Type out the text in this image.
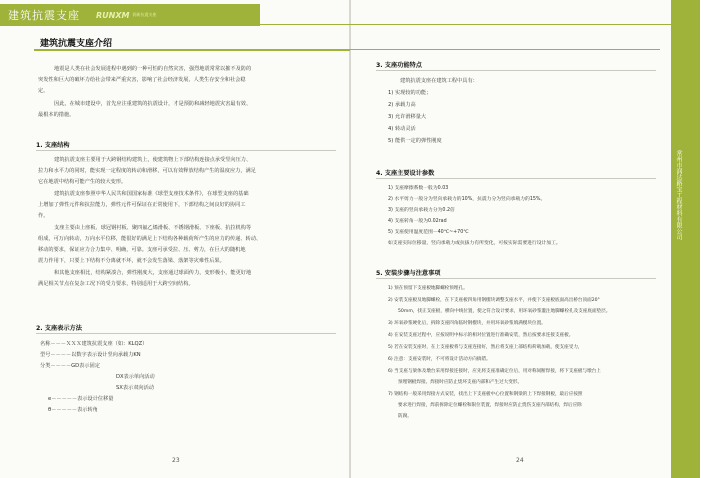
建筑抗震支座 RUNXM 润新抗震支座
建筑抗震支座介绍
地震是人类在社会发展进程中遇到的一种可怕的自然灾害，强烈地震常常以摧不及防的
突发性和巨大的破坏力给社会带来严重灾害，影响了社会经济发展、人类生存安全和社会稳
定。
因此，在城市建设中，首先应注重建筑的抗震设计，才是预防和减轻地震灾害最有效、
最根本的措施。
1. 支座结构
建筑抗震支座主要用于大跨钢结构建筑上，使建筑物上下部结构连接点承受竖向压力、
拉力和水平力的同时，能实现一定程度的转动和滑移，可以有效释放结构产生的温度应力，满足
它在地震中结构可能产生的较大变形。
建筑抗震支座参照中华人民共和国国家标准《球型支座技术条件》，在球型支座的基础
上增加了弹性元件和抗拉能力，弹性元件可保证在正常使用下，下部结构之间良好的协同工
作。
支座主要由上座板、球冠钢衬板、聚四氟乙烯滑板、不锈钢滑板、下座板、抗拉机构等
组成，可万向转动，万向水平位移，能很好的满足上下结构各种载荷所产生的应力的传递、转动、
移动的要求，保证应力合力集中、明确，可靠。支座可承受拉、压、剪力，在巨大的随机地
震力作用下，只要上下结构不分离就不坏，就不会发生落梁、落架等灾难性后果。
和其他支座相比，结构紧凑合，弹性刚度大，支座通过球面传力，变形极小，能更好地
满足相关节点在复杂工况下的受力要求，特别适用于大跨空间结构。
2. 支座表示方法
名称－－－ＸＸＸ建筑抗震支座（如：KLQZ）
型号－－－－以数字表示设计竖向承载力KN
分类－－－－GD表示固定
DX表示单向活动
SX表示双向活动
e－－－－－表示设计位移量
θ－－－－－表示转角
23
3. 支座功能特点
建筑抗震支座在建筑工程中具有：
1) 实现较的功能；
2) 承载力高
3) 允许滑移量大
4) 转动灵活
5) 能供一定的弹性刚度
4. 支座主要设计参数
1) 支座摩擦系数一般为0.03
2) 水平剪力一般分为竖向承载力的10%，抗震力分为竖向承载力的15%。
3) 支座的竖向承载力分为0.2倍
4) 支座转角一般为0.02rad
5) 支座使用温度范围－40℃~+70℃
如支座实际位移量，竖向承载力或抗拔力有所变化，可按实际需要进行设计加工。
5. 安装步骤与注意事项
1) 预在预留下支座板地脚螺栓预埋孔。
2) 安装支座板及地脚螺栓，在下支座板四角用钢楔块调整支座水平，并使下支座板底面高出桥台顶面20°
50mm，找正支座板，横向中线位置，使之符合设计要求，用环氧砂浆灌注地脚螺栓孔及支座底面垫层。
3) 环氧砂浆硬化后，拆除支座四角临时钢楔块，并用环氧砂浆填满楔块位置。
4) 在安装支座过程中，应按说明中标示的相对位置进行准确安装，然后按要求连接支座板。
5) 若在安装支座时，在上支座板将与支座连接好，然后将支座上部结构荷载加载，使支座受力，
6) 注意：支座安装时，不可将设计活动方向搞错。
6) 当支座与梁体及墩台采用焊接连接时，应先将支座准确定位后，用对称间断焊接，将下支座板与墩台上
预埋钢板焊接。焊接时应防止烧坏支座内部和产生过大变形。
7) 钢结构一般采用焊接方式安装，找出上下支座板中心位置和钢梁的上下焊接钢板，最后应按照
要求进行焊接，焊前拆除定位螺栓和限位装置，焊接时应防止烧伤支座内部结构，焊后应除
防腐。
24
Changzhou City RunDaLubao Engineering Materials Co., Ltd.
常州市润达路宝工程材料有限公司
